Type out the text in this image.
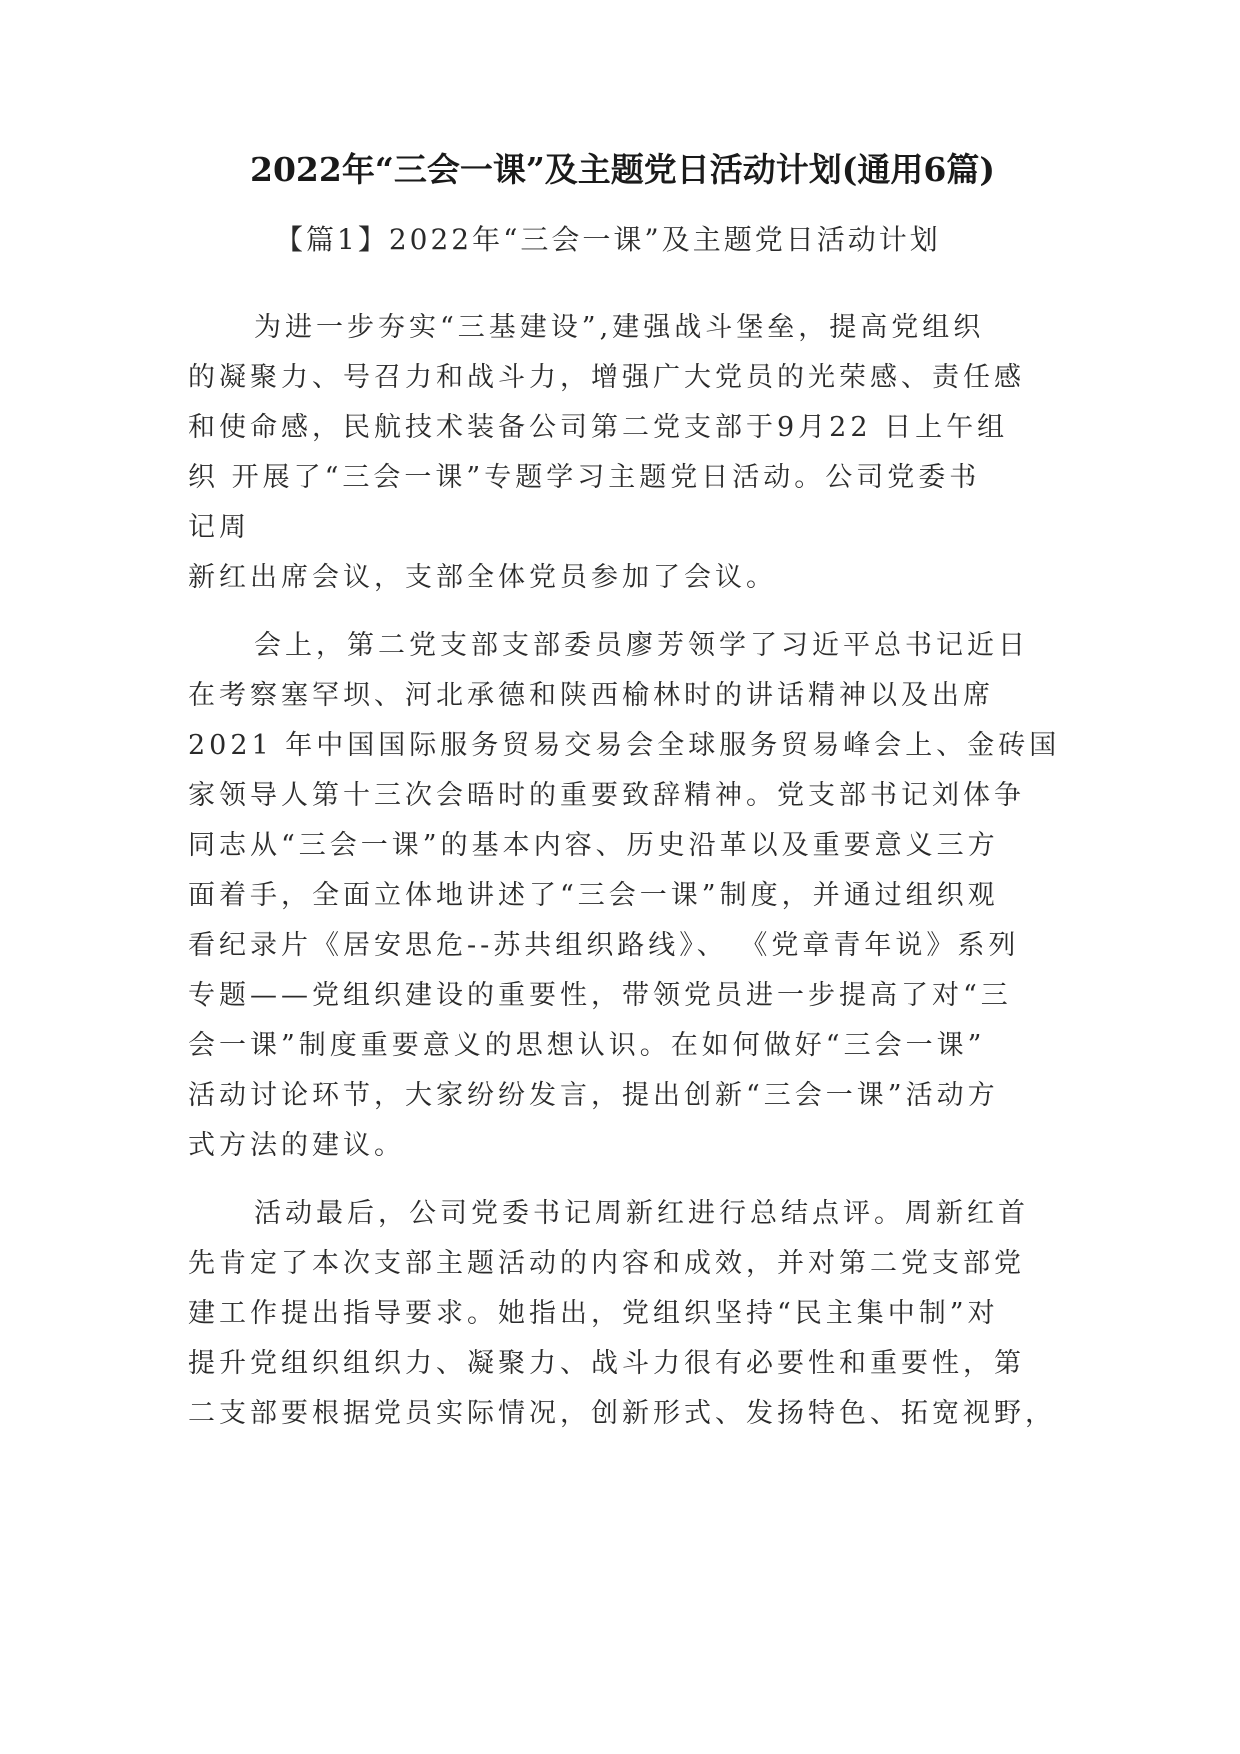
2022年“三会一课”及主题党日活动计划(通用6篇)
【篇1】2022年“三会一课”及主题党日活动计划
为进一步夯实“三基建设”,建强战斗堡垒，提高党组织
的凝聚力、号召力和战斗力，增强广大党员的光荣感、责任感
和使命感，民航技术装备公司第二党支部于9月22 日上午组
织 开展了“三会一课”专题学习主题党日活动。公司党委书
记周
新红出席会议，支部全体党员参加了会议。
会上，第二党支部支部委员廖芳领学了习近平总书记近日
在考察塞罕坝、河北承德和陕西榆林时的讲话精神以及出席
2021 年中国国际服务贸易交易会全球服务贸易峰会上、金砖国
家领导人第十三次会晤时的重要致辞精神。党支部书记刘体争
同志从“三会一课”的基本内容、历史沿革以及重要意义三方
面着手，全面立体地讲述了“三会一课”制度，并通过组织观
看纪录片《居安思危--苏共组织路线》、 《党章青年说》系列
专题——党组织建设的重要性，带领党员进一步提高了对“三
会一课”制度重要意义的思想认识。在如何做好“三会一课”
活动讨论环节，大家纷纷发言，提出创新“三会一课”活动方
式方法的建议。
活动最后，公司党委书记周新红进行总结点评。周新红首
先肯定了本次支部主题活动的内容和成效，并对第二党支部党
建工作提出指导要求。她指出，党组织坚持“民主集中制”对
提升党组织组织力、凝聚力、战斗力很有必要性和重要性，第
二支部要根据党员实际情况，创新形式、发扬特色、拓宽视野，
